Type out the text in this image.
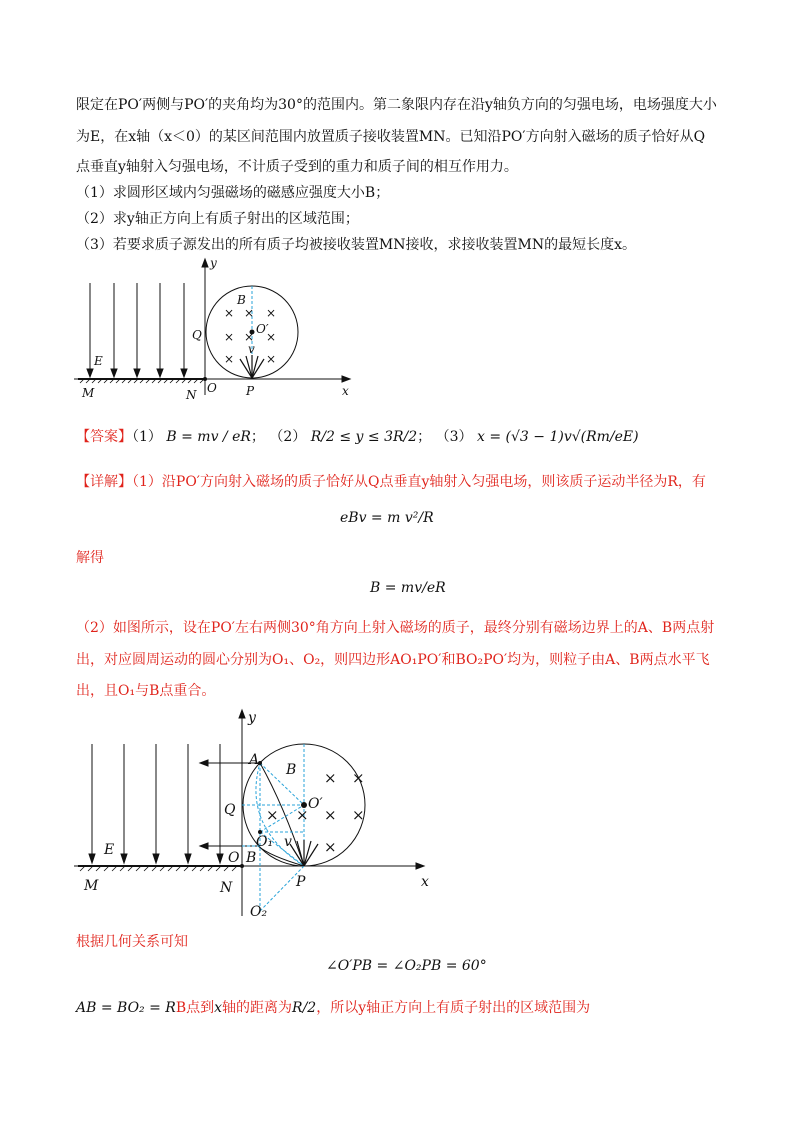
限定在PO′两侧与PO′的夹角均为30°的范围内。第二象限内存在沿y轴负方向的匀强电场，电场强度大小
为E，在x轴（x＜0）的某区间范围内放置质子接收装置MN。已知沿PO′方向射入磁场的质子恰好从Q
点垂直y轴射入匀强电场，不计质子受到的重力和质子间的相互作用力。
（1）求圆形区域内匀强磁场的磁感应强度大小B；
（2）求y轴正方向上有质子射出的区域范围；
（3）若要求质子源发出的所有质子均被接收装置MN接收，求接收装置MN的最短长度x。
× × ×
× × ×
×	×
y
x
B
O′
Q
E
v
M	N O P
【答案】（1） B = mv / eR； （2） R/2 ≤ y ≤ 3R/2； （3） x = (√3 − 1)v√(Rm/eE)
【详解】（1）沿PO′方向射入磁场的质子恰好从Q点垂直y轴射入匀强电场，则该质子运动半径为R，有
eBv = m v²/R
解得
B = mv/eR
（2）如图所示，设在PO′左右两侧30°角方向上射入磁场的质子，最终分别有磁场边界上的A、B两点射
出，对应圆周运动的圆心分别为O₁、O₂，则四边形AO₁PO′和BO₂PO′均为，则粒子由A、B两点水平飞
出，且O₁与B点重合。
× ×
× × × ×
×
y
x
A
B
O′
Q
E	O₁
B
v
M	N
O
P
O₂
根据几何关系可知
∠O′PB = ∠O₂PB = 60°
AB = BO₂ = RB点到x轴的距离为R/2，所以y轴正方向上有质子射出的区域范围为
